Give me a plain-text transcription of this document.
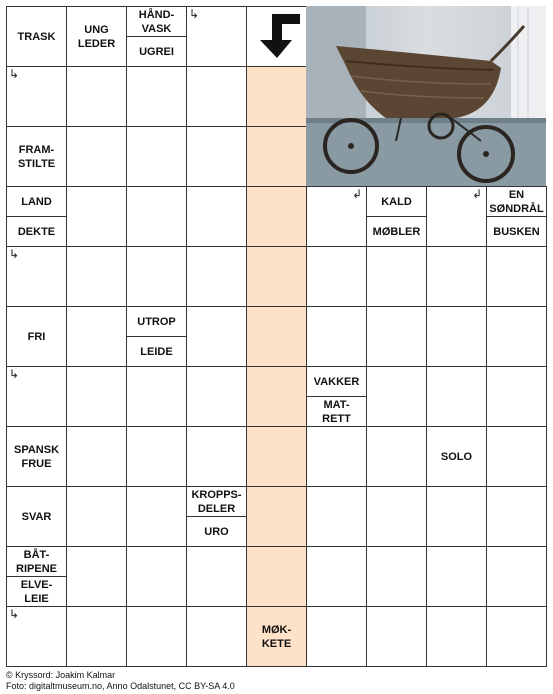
TRASK
UNG
LEDER
HÅND-
VASK
UGREI
FRAM-
STILTE
LAND
DEKTE
KALD
MØBLER
EN
SØNDRÅL
BUSKEN
FRI
UTROP
LEIDE
VAKKER
MAT-
RETT
SPANSK
FRUE
SOLO
SVAR
KROPPS-
DELER
URO
BÅT-
RIPENE
ELVE-
LEIE
MØK-
KETE
↳
↳
↳
↳
↳
↲	↲
© Kryssord: Joakim Kalmar
Foto: digitaltmuseum.no, Anno Odalstunet, CC BY-SA 4.0
